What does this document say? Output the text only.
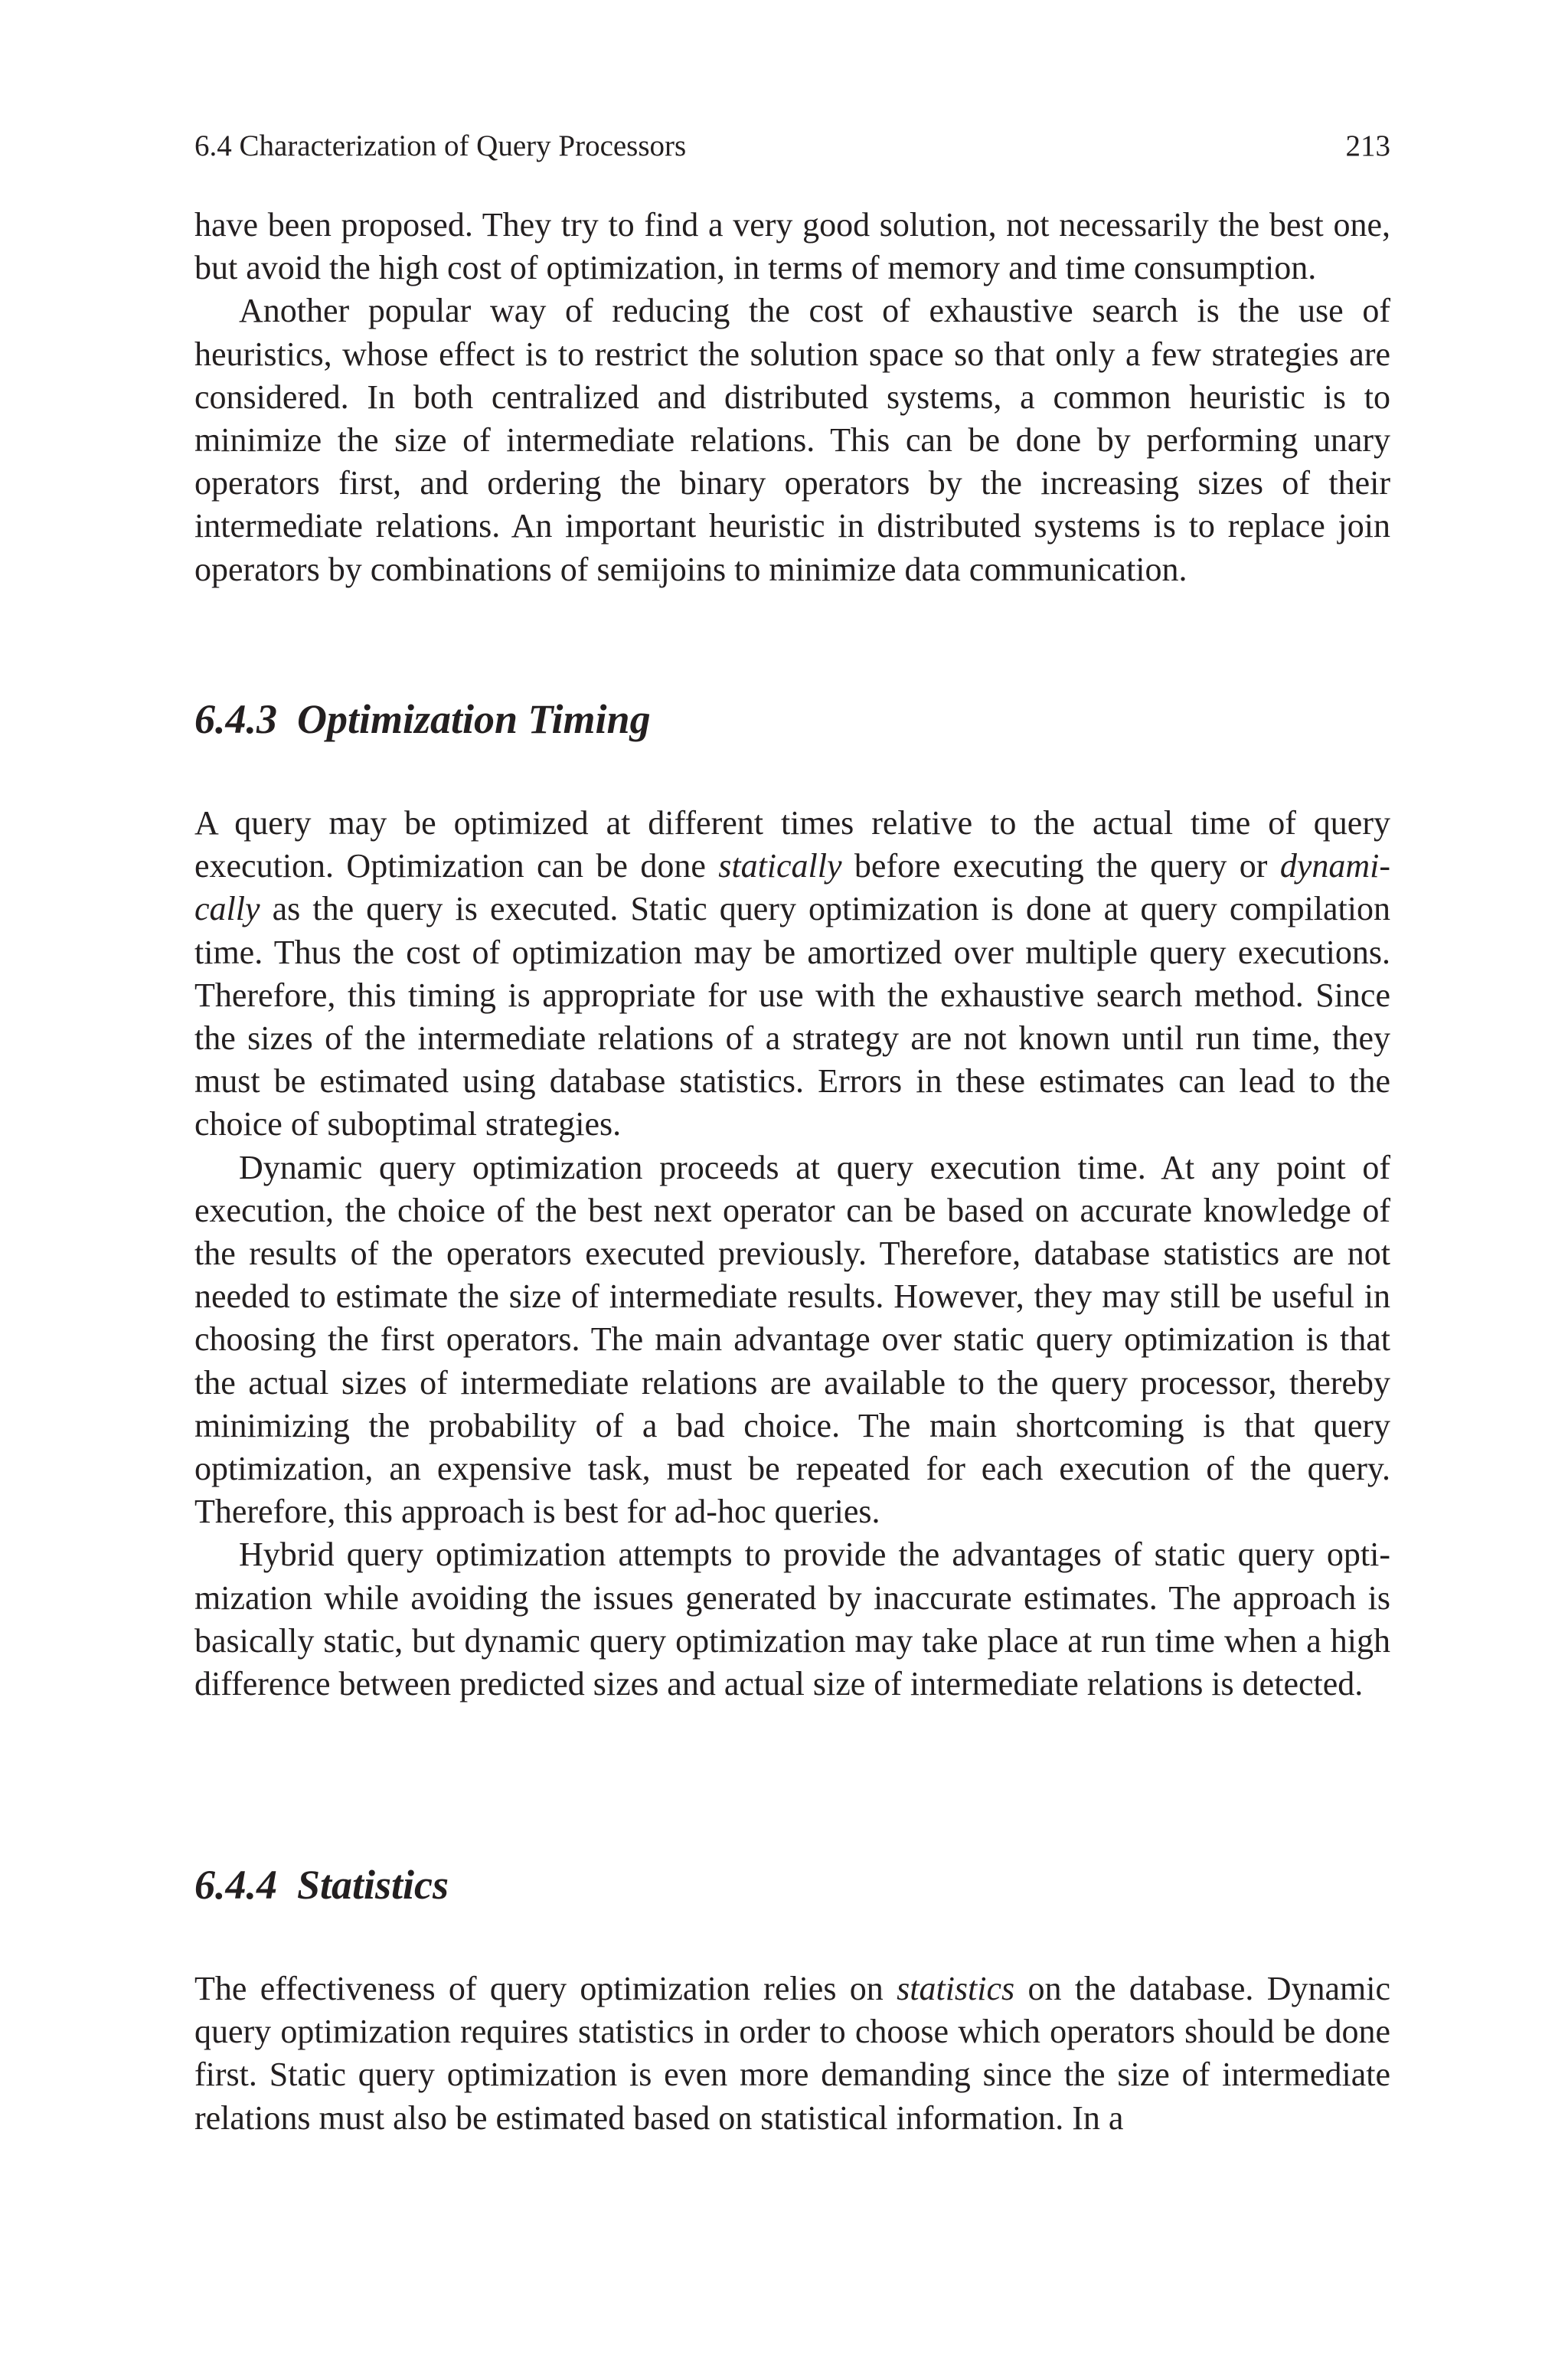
6.4 Characterization of Query Processors	213

have been proposed. They try to find a very good solution, not necessarily the best one, but avoid the high cost of optimization, in terms of memory and time consumption.

Another popular way of reducing the cost of exhaustive search is the use of heuristics, whose effect is to restrict the solution space so that only a few strategies are considered. In both centralized and distributed systems, a common heuristic is to minimize the size of intermediate relations. This can be done by performing unary operators first, and ordering the binary operators by the increasing sizes of their intermediate relations. An important heuristic in distributed systems is to replace join operators by combinations of semijoins to minimize data communication.

6.4.3 Optimization Timing

A query may be optimized at different times relative to the actual time of query execution. Optimization can be done statically before executing the query or dynamically as the query is executed. Static query optimization is done at query compilation time. Thus the cost of optimization may be amortized over multiple query executions. Therefore, this timing is appropriate for use with the exhaustive search method. Since the sizes of the intermediate relations of a strategy are not known until run time, they must be estimated using database statistics. Errors in these estimates can lead to the choice of suboptimal strategies.

Dynamic query optimization proceeds at query execution time. At any point of execution, the choice of the best next operator can be based on accurate knowledge of the results of the operators executed previously. Therefore, database statistics are not needed to estimate the size of intermediate results. However, they may still be useful in choosing the first operators. The main advantage over static query optimization is that the actual sizes of intermediate relations are available to the query processor, thereby minimizing the probability of a bad choice. The main shortcoming is that query optimization, an expensive task, must be repeated for each execution of the query. Therefore, this approach is best for ad-hoc queries.

Hybrid query optimization attempts to provide the advantages of static query optimization while avoiding the issues generated by inaccurate estimates. The approach is basically static, but dynamic query optimization may take place at run time when a high difference between predicted sizes and actual size of intermediate relations is detected.

6.4.4 Statistics

The effectiveness of query optimization relies on statistics on the database. Dynamic query optimization requires statistics in order to choose which operators should be done first. Static query optimization is even more demanding since the size of intermediate relations must also be estimated based on statistical information. In a
